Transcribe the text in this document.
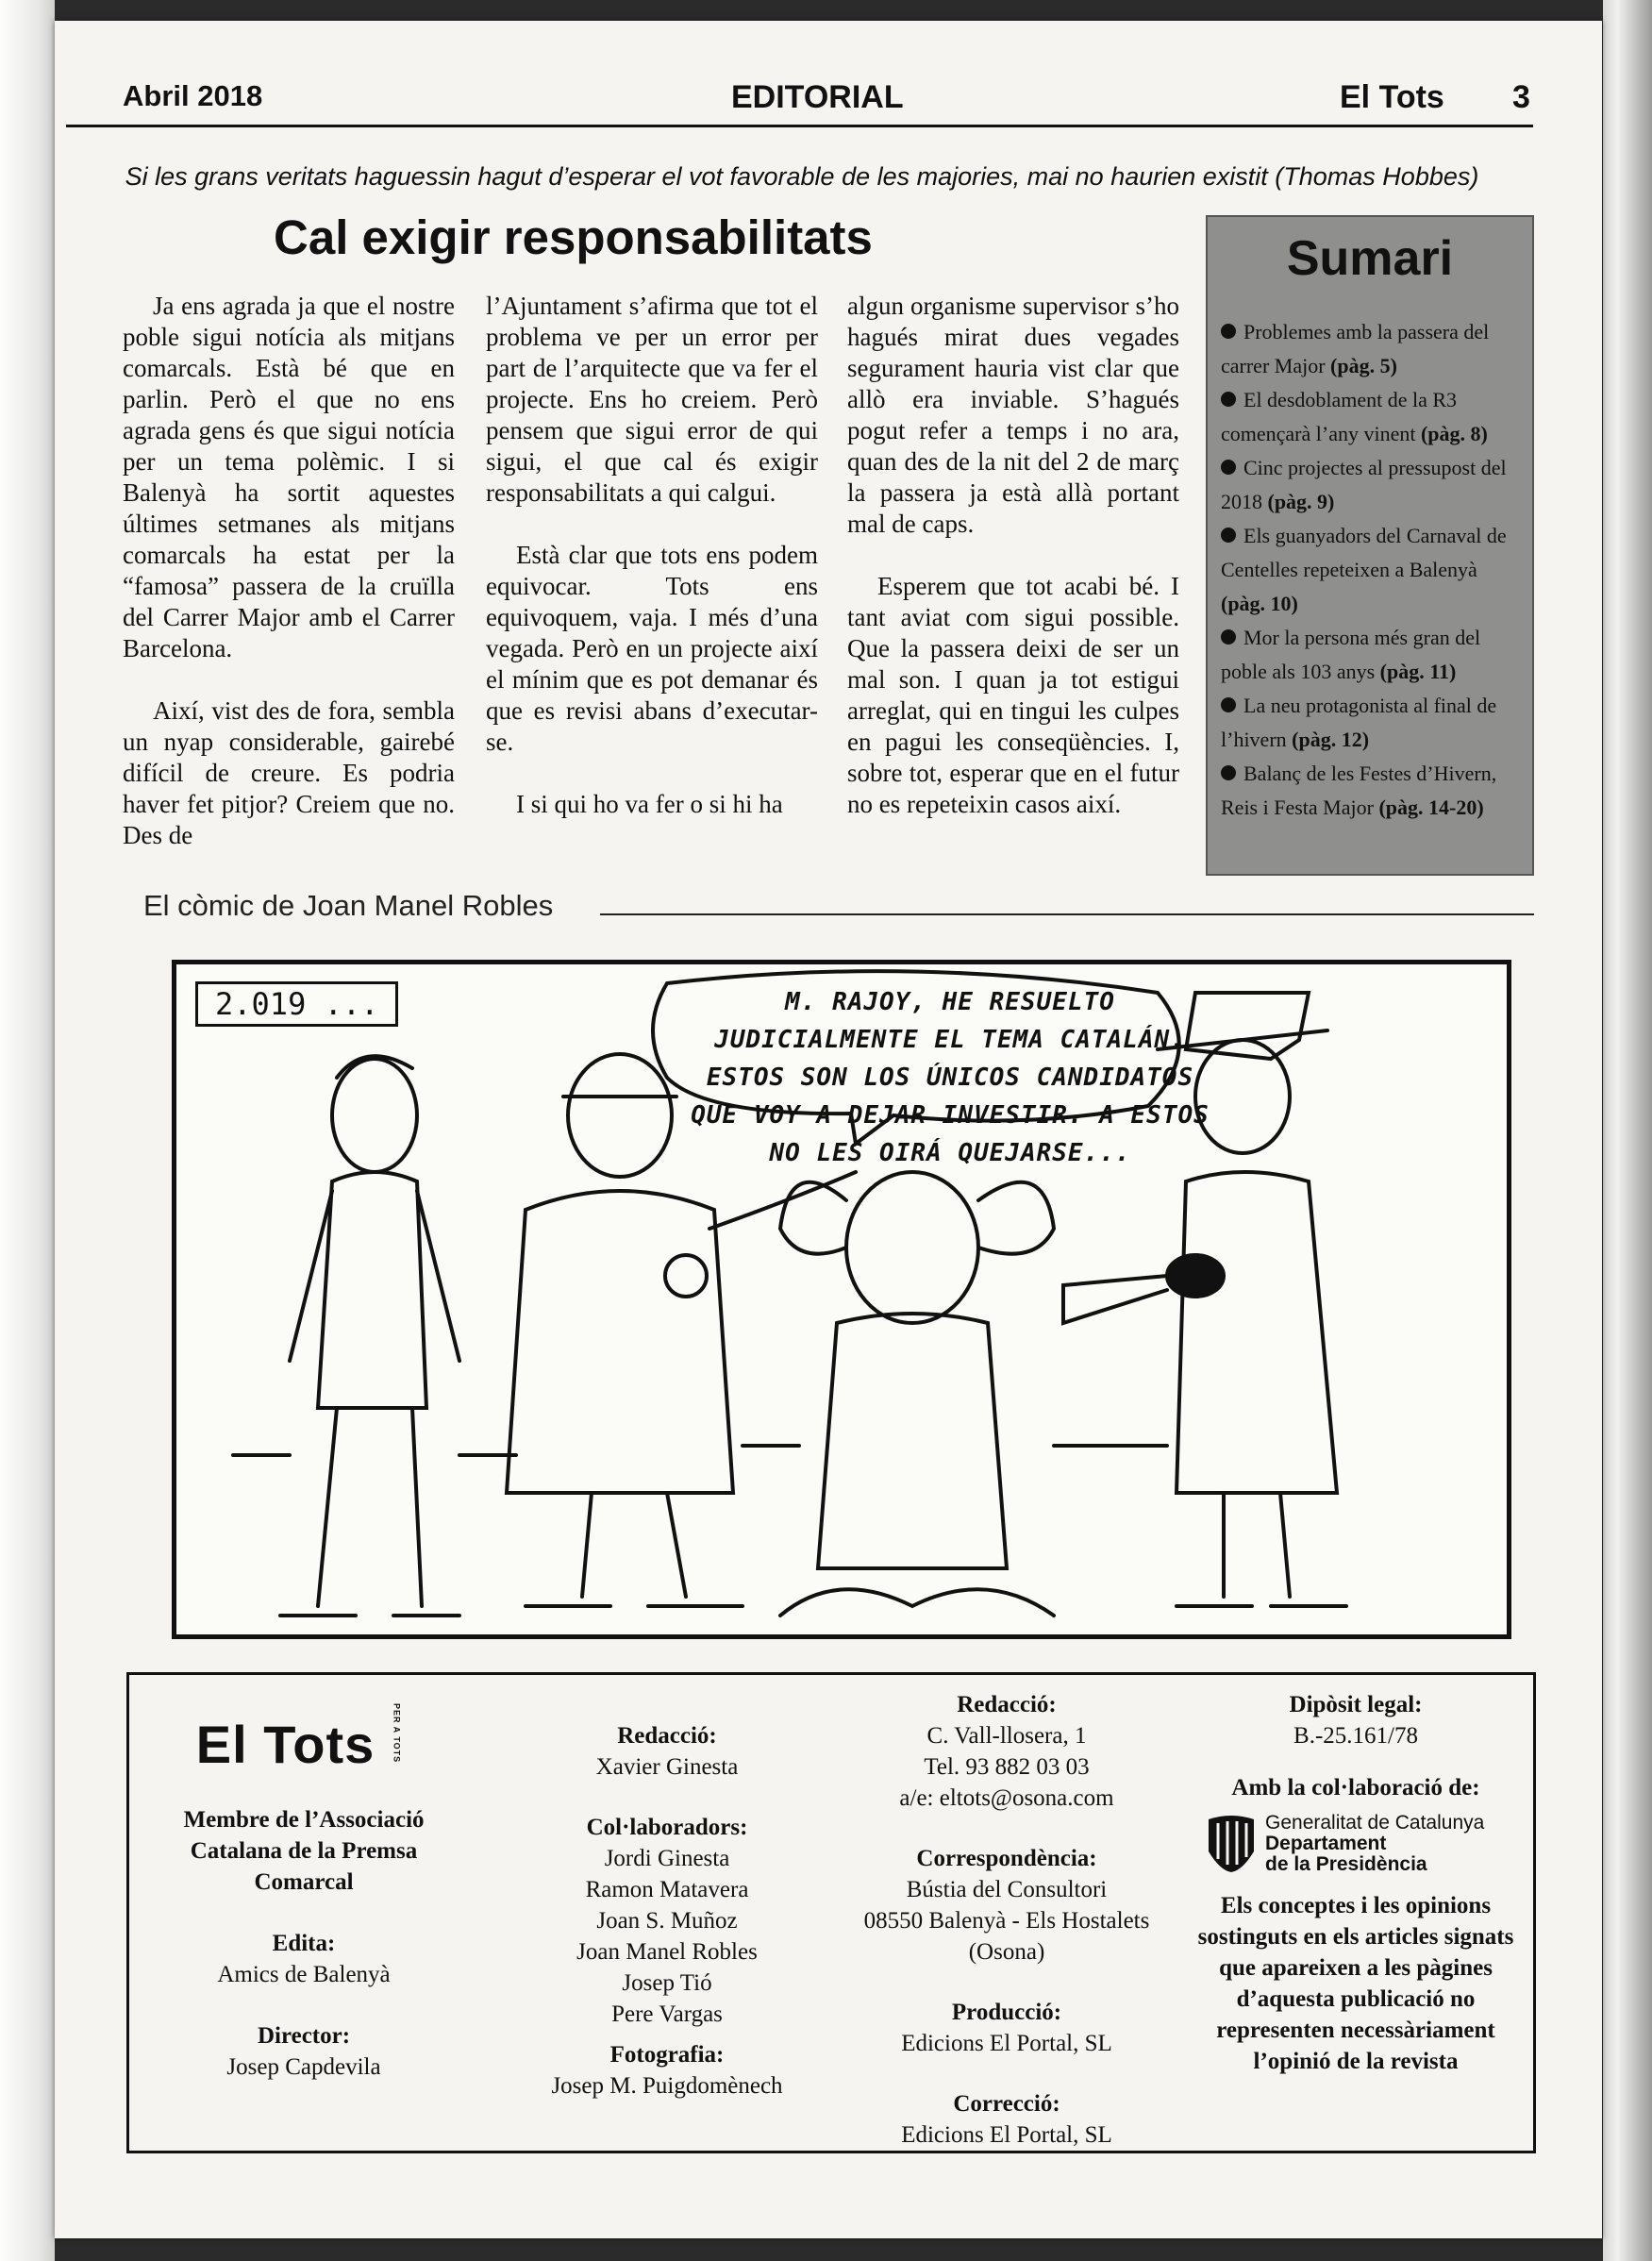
Abril 2018	EDITORIAL	El Tots 3
Si les grans veritats haguessin hagut d’esperar el vot favorable de les majories, mai no haurien existit (Thomas Hobbes)
Cal exigir responsabilitats

Ja ens agrada ja que el nostre poble sigui notícia als mitjans comarcals. Està bé que en parlin. Però el que no ens agrada gens és que sigui notícia per un tema polèmic. I si Balenyà ha sortit aquestes últimes setmanes als mitjans comarcals ha estat per la “famosa” passera de la cruïlla del Carrer Major amb el Carrer Barcelona.

Així, vist des de fora, sembla un nyap considerable, gairebé difícil de creure. Es podria haver fet pitjor? Creiem que no. Des de

l’Ajuntament s’afirma que tot el problema ve per un error per part de l’arquitecte que va fer el projecte. Ens ho creiem. Però pensem que sigui error de qui sigui, el que cal és exigir responsabilitats a qui calgui.

Està clar que tots ens podem equivocar. Tots ens equivoquem, vaja. I més d’una vegada. Però en un projecte així el mínim que es pot demanar és que es revisi abans d’executar-se.

I si qui ho va fer o si hi ha

algun organisme supervisor s’ho hagués mirat dues vegades segurament hauria vist clar que allò era inviable. S’hagués pogut refer a temps i no ara, quan des de la nit del 2 de març la passera ja està allà portant mal de caps.

Esperem que tot acabi bé. I tant aviat com sigui possible. Que la passera deixi de ser un mal son. I quan ja tot estigui arreglat, qui en tingui les culpes en pagui les conseqüències. I, sobre tot, esperar que en el futur no es repeteixin casos així.

Sumari
Problemes amb la passera del carrer Major (pàg. 5)
El desdoblament de la R3 començarà l’any vinent (pàg. 8)
Cinc projectes al pressupost del 2018 (pàg. 9)
Els guanyadors del Carnaval de Centelles repeteixen a Balenyà (pàg. 10)
Mor la persona més gran del poble als 103 anys (pàg. 11)
La neu protagonista al final de l’hivern (pàg. 12)
Balanç de les Festes d’Hivern, Reis i Festa Major (pàg. 14-20)
El còmic de Joan Manel Robles
2.019 ...	M. RAJOY, HE RESUELTO JUDICIALMENTE EL TEMA CATALÁN. ESTOS SON LOS ÚNICOS CANDIDATOS QUE VOY A DEJAR INVESTIR. A ESTOS NO LES OIRÁ QUEJARSE...
El Tots PER A TOTS
Membre de l’Associació Catalana de la Premsa Comarcal
Edita:
Amics de Balenyà
Director:
Josep Capdevila
Redacció:
Xavier Ginesta
Col·laboradors:
Jordi Ginesta
Ramon Matavera
Joan S. Muñoz
Joan Manel Robles
Josep Tió
Pere Vargas
Fotografia:
Josep M. Puigdomènech
Redacció:
C. Vall-llosera, 1
Tel. 93 882 03 03
a/e: eltots@osona.com
Correspondència:
Bústia del Consultori
08550 Balenyà - Els Hostalets
(Osona)
Producció:
Edicions El Portal, SL
Correcció:
Edicions El Portal, SL
Dipòsit legal:
B.-25.161/78
Amb la col·laboració de:
Generalitat de Catalunya
Departament
de la Presidència
Els conceptes i les opinions sostinguts en els articles signats que apareixen a les pàgines d’aquesta publicació no representen necessàriament l’opinió de la revista
